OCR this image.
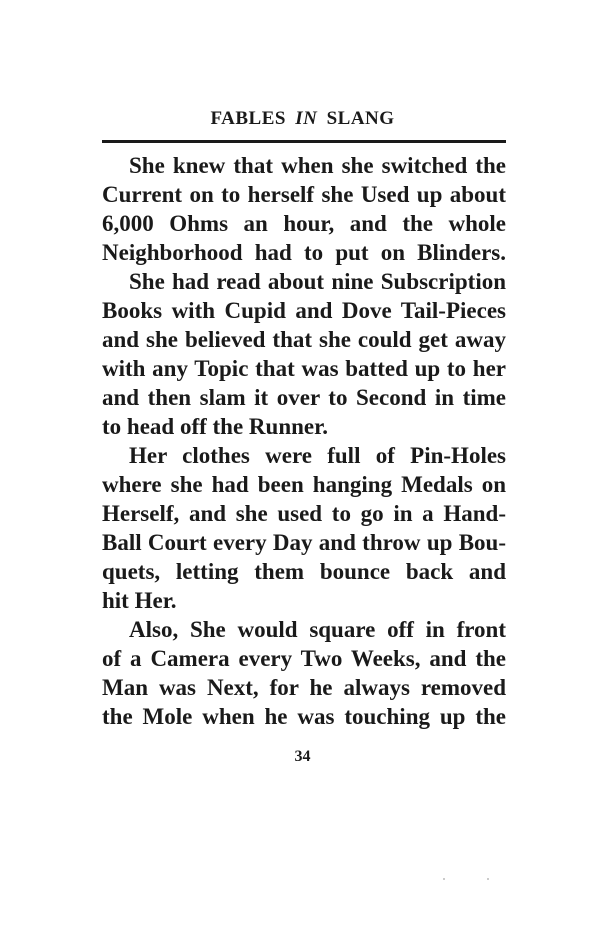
FABLES IN SLANG

She knew that when she switched the
Current on to herself she Used up about
6,000 Ohms an hour, and the whole
Neighborhood had to put on Blinders.

She had read about nine Subscription
Books with Cupid and Dove Tail-Pieces
and she believed that she could get away
with any Topic that was batted up to her
and then slam it over to Second in time
to head off the Runner.

Her clothes were full of Pin-Holes
where she had been hanging Medals on
Herself, and she used to go in a Hand-
Ball Court every Day and throw up Bou-
quets, letting them bounce back and
hit Her.

Also, She would square off in front
of a Camera every Two Weeks, and the
Man was Next, for he always removed
the Mole when he was touching up the

34
